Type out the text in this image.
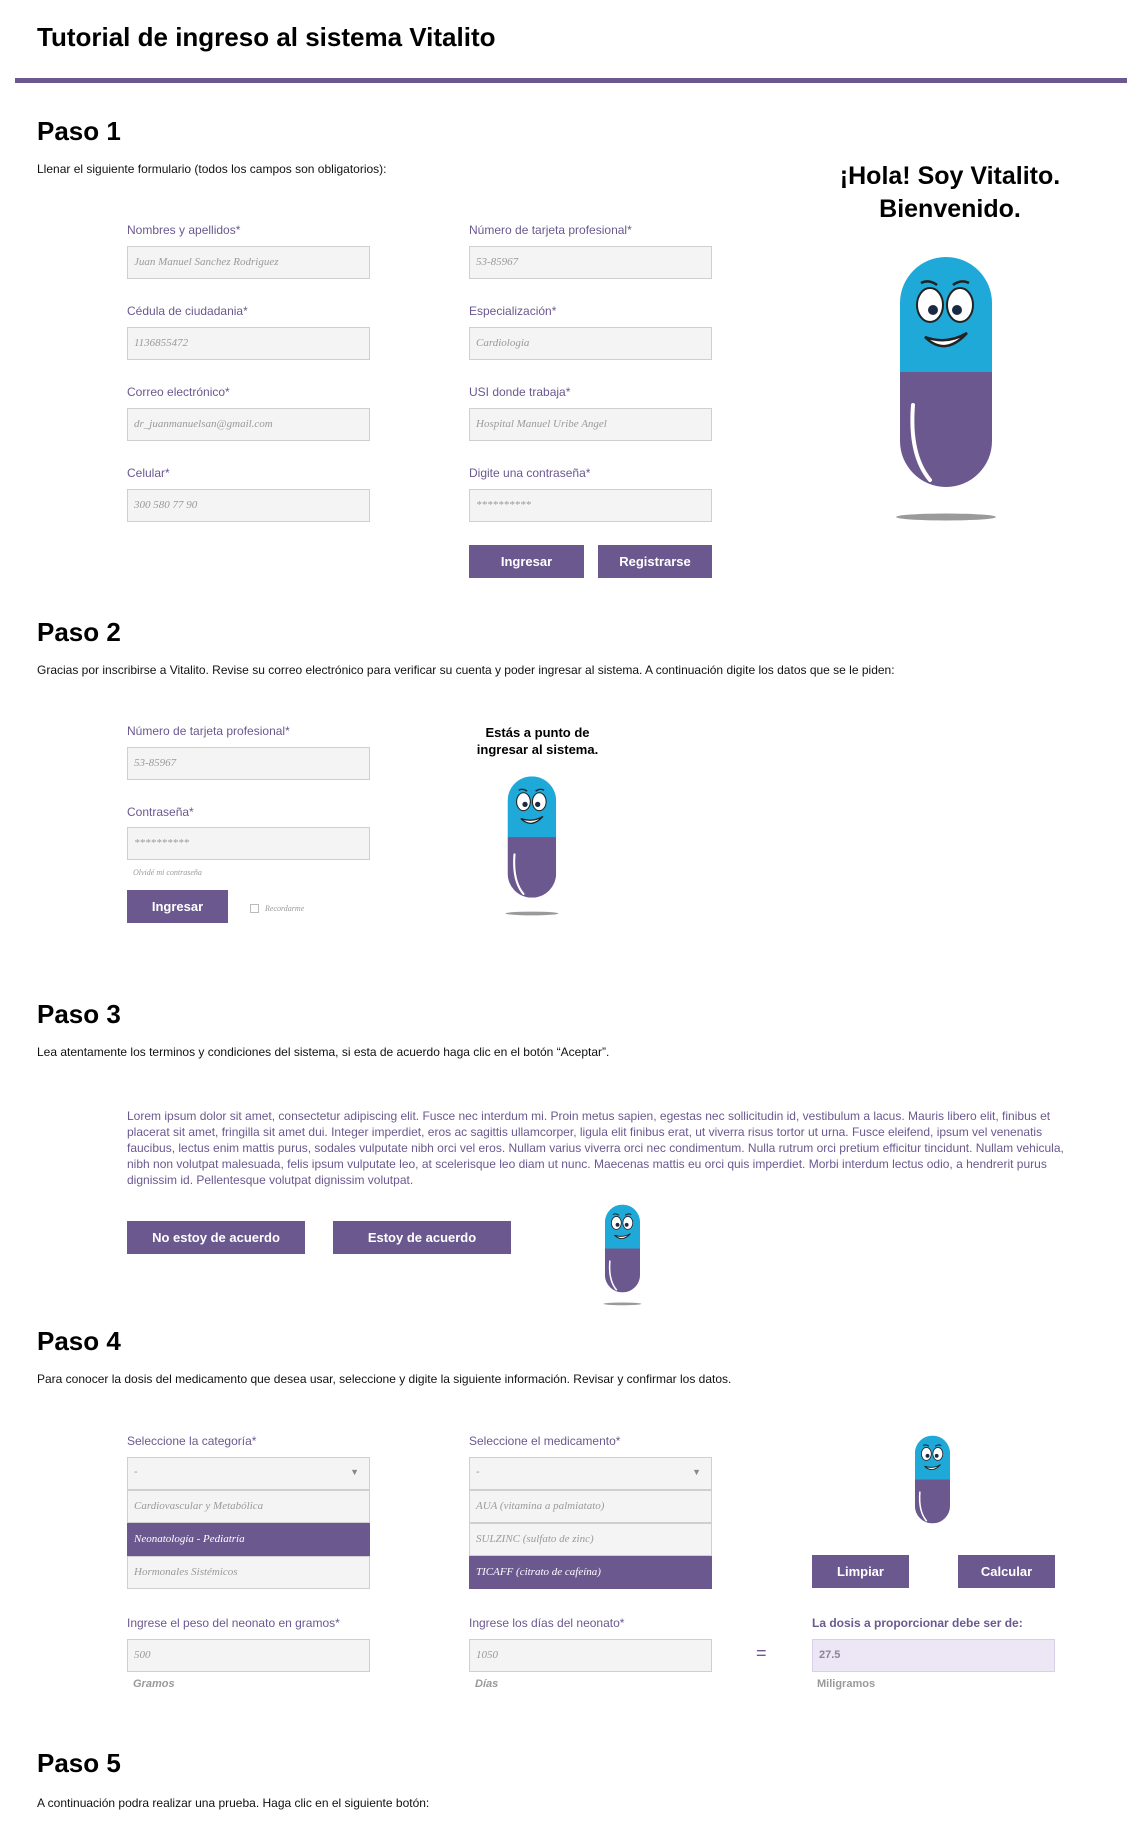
Tutorial de ingreso al sistema Vitalito
Paso 1
Llenar el siguiente formulario (todos los campos son obligatorios):
Nombres y apellidos*
Juan Manuel Sanchez Rodriguez
Cédula de ciudadania*
1136855472
Correo electrónico*
dr_juanmanuelsan@gmail.com
Celular*
300 580 77 90
Número de tarjeta profesional*
53-85967
Especialización*
Cardiologia
USI donde trabaja*
Hospital Manuel Uribe Angel
Digite una contraseña*
**********
Ingresar	Registrarse
¡Hola! Soy Vitalito.
Bienvenido.
Paso 2
Gracias por inscribirse a Vitalito. Revise su correo electrónico para verificar su cuenta y poder ingresar al sistema. A continuación digite los datos que se le piden:
Número de tarjeta profesional*
53-85967
Contraseña*
**********
Olvidé mi contraseña
Ingresar	Recordarme
Estás a punto de
ingresar al sistema.
Paso 3
Lea atentamente los terminos y condiciones del sistema, si esta de acuerdo haga clic en el botón “Aceptar”.
Lorem ipsum dolor sit amet, consectetur adipiscing elit. Fusce nec interdum mi. Proin metus sapien, egestas nec sollicitudin id, vestibulum a lacus. Mauris libero elit, finibus et placerat sit amet, fringilla sit amet dui. Integer imperdiet, eros ac sagittis ullamcorper, ligula elit finibus erat, ut viverra risus tortor ut urna. Fusce eleifend, ipsum vel venenatis faucibus, lectus enim mattis purus, sodales vulputate nibh orci vel eros. Nullam varius viverra orci nec condimentum. Nulla rutrum orci pretium efficitur tincidunt. Nullam vehicula, nibh non volutpat malesuada, felis ipsum vulputate leo, at scelerisque leo diam ut nunc. Maecenas mattis eu orci quis imperdiet. Morbi interdum lectus odio, a hendrerit purus dignissim id. Pellentesque volutpat dignissim volutpat.
No estoy de acuerdo	Estoy de acuerdo
Paso 4
Para conocer la dosis del medicamento que desea usar, seleccione y digite la siguiente información. Revisar y confirmar los datos.
Seleccione la categoría*
-	▼
Cardiovascular y Metabólica
Neonatología - Pediatría
Hormonales Sistémicos
Seleccione el medicamento*
-	▼
AUA (vitamina a palmiatato)
SULZINC (sulfato de zinc)
TICAFF (citrato de cafeína)	Limpiar	Calcular
Ingrese el peso del neonato en gramos*
500
Gramos
Ingrese los días del neonato*
1050
Días
=
La dosis a proporcionar debe ser de:
27.5
Miligramos
Paso 5
A continuación podra realizar una prueba. Haga clic en el siguiente botón:
